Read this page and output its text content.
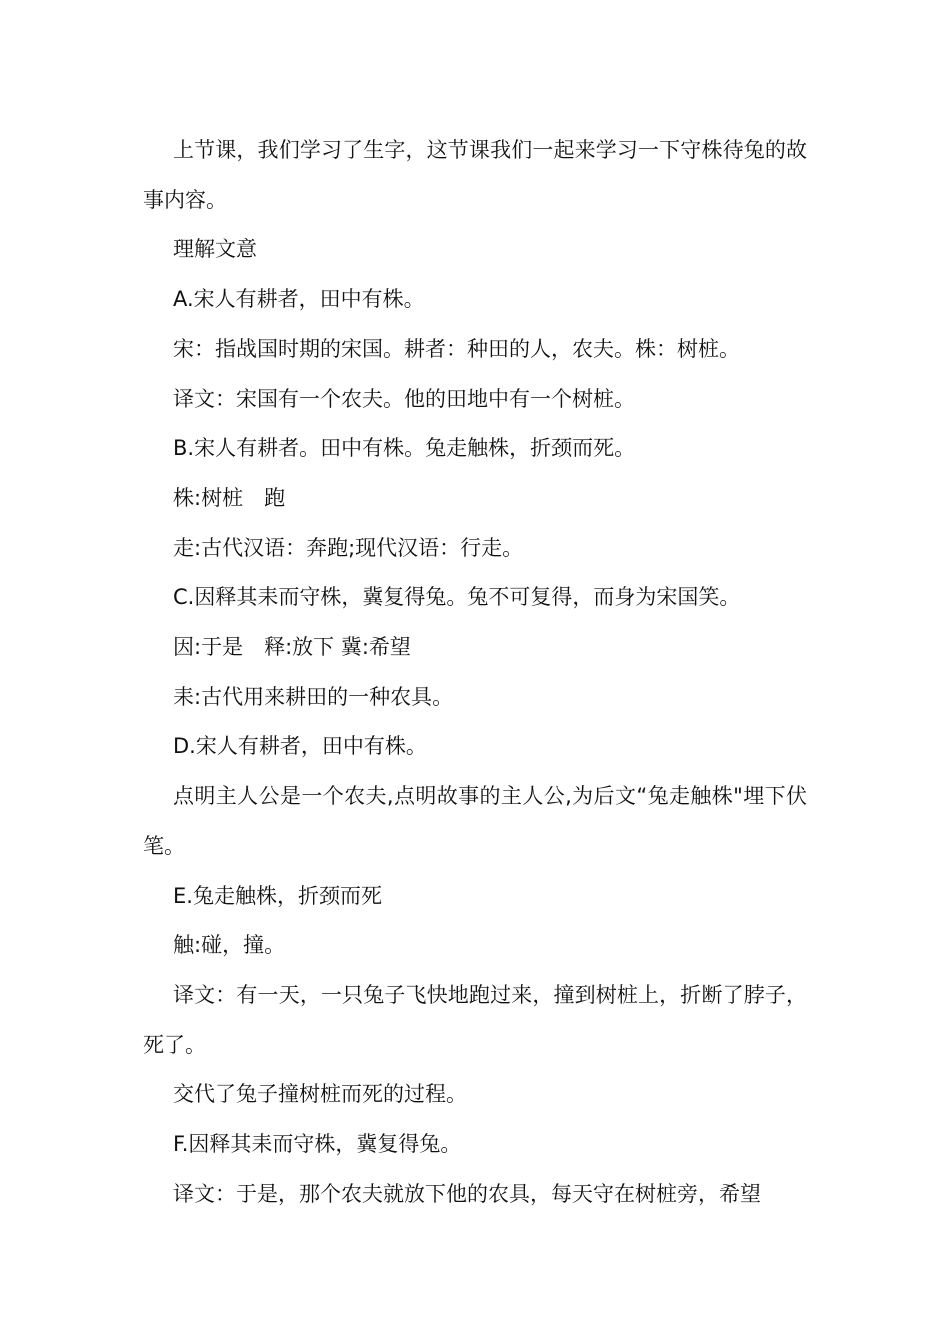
上节课，我们学习了生字，这节课我们一起来学习一下守株待兔的故事内容。

理解文意

A.宋人有耕者，田中有株。

宋：指战国时期的宋国。耕者：种田的人，农夫。株：树桩。

译文：宋国有一个农夫。他的田地中有一个树桩。

B.宋人有耕者。田中有株。兔走触株，折颈而死。

株:树桩　跑

走:古代汉语：奔跑;现代汉语：行走。

C.因释其耒而守株，冀复得兔。兔不可复得，而身为宋国笑。

因:于是　释:放下 冀:希望

耒:古代用来耕田的一种农具。

D.宋人有耕者，田中有株。

点明主人公是一个农夫,点明故事的主人公,为后文“兔走触株"埋下伏笔。

E.兔走触株，折颈而死

触:碰，撞。

译文：有一天，一只兔子飞快地跑过来，撞到树桩上，折断了脖子，死了。

交代了兔子撞树桩而死的过程。

F.因释其耒而守株，冀复得兔。

译文：于是，那个农夫就放下他的农具，每天守在树桩旁，希望
